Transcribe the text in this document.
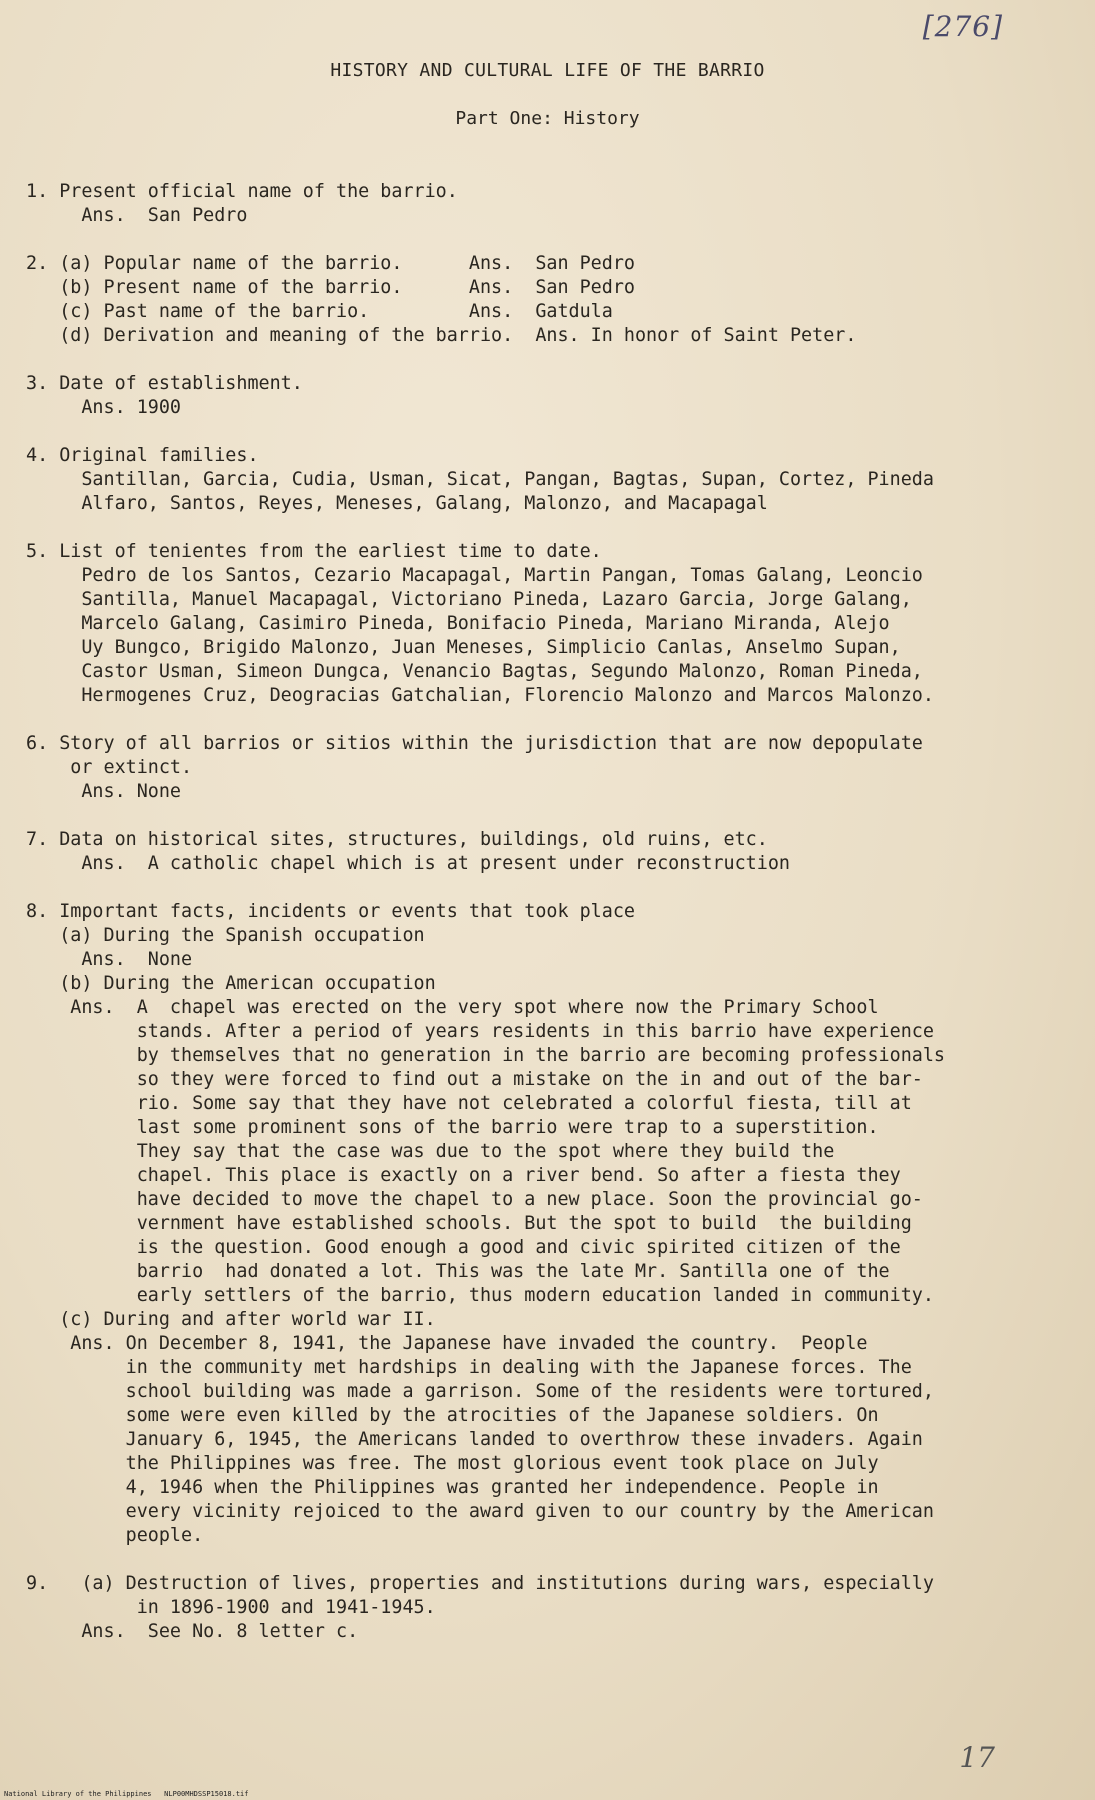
[276]
HISTORY AND CULTURAL LIFE OF THE BARRIO
Part One: History
1. Present official name of the barrio.
Ans.  San Pedro
2. (a) Popular name of the barrio.      Ans.  San Pedro
(b) Present name of the barrio.      Ans.  San Pedro
(c) Past name of the barrio.         Ans.  Gatdula
(d) Derivation and meaning of the barrio.  Ans. In honor of Saint Peter.
3. Date of establishment.
Ans. 1900
4. Original families.
Santillan, Garcia, Cudia, Usman, Sicat, Pangan, Bagtas, Supan, Cortez, Pineda
Alfaro, Santos, Reyes, Meneses, Galang, Malonzo, and Macapagal
5. List of tenientes from the earliest time to date.
Pedro de los Santos, Cezario Macapagal, Martin Pangan, Tomas Galang, Leoncio
Santilla, Manuel Macapagal, Victoriano Pineda, Lazaro Garcia, Jorge Galang,
Marcelo Galang, Casimiro Pineda, Bonifacio Pineda, Mariano Miranda, Alejo
Uy Bungco, Brigido Malonzo, Juan Meneses, Simplicio Canlas, Anselmo Supan,
Castor Usman, Simeon Dungca, Venancio Bagtas, Segundo Malonzo, Roman Pineda,
Hermogenes Cruz, Deogracias Gatchalian, Florencio Malonzo and Marcos Malonzo.
6. Story of all barrios or sitios within the jurisdiction that are now depopulate
or extinct.
Ans. None
7. Data on historical sites, structures, buildings, old ruins, etc.
Ans.  A catholic chapel which is at present under reconstruction
8. Important facts, incidents or events that took place
(a) During the Spanish occupation
Ans.  None
(b) During the American occupation
Ans.  A  chapel was erected on the very spot where now the Primary School
stands. After a period of years residents in this barrio have experience
by themselves that no generation in the barrio are becoming professionals
so they were forced to find out a mistake on the in and out of the bar-
rio. Some say that they have not celebrated a colorful fiesta, till at
last some prominent sons of the barrio were trap to a superstition.
They say that the case was due to the spot where they build the
chapel. This place is exactly on a river bend. So after a fiesta they
have decided to move the chapel to a new place. Soon the provincial go-
vernment have established schools. But the spot to build  the building
is the question. Good enough a good and civic spirited citizen of the
barrio  had donated a lot. This was the late Mr. Santilla one of the
early settlers of the barrio, thus modern education landed in community.
(c) During and after world war II.
Ans. On December 8, 1941, the Japanese have invaded the country.  People
in the community met hardships in dealing with the Japanese forces. The
school building was made a garrison. Some of the residents were tortured,
some were even killed by the atrocities of the Japanese soldiers. On
January 6, 1945, the Americans landed to overthrow these invaders. Again
the Philippines was free. The most glorious event took place on July
4, 1946 when the Philippines was granted her independence. People in
every vicinity rejoiced to the award given to our country by the American
people.
9.   (a) Destruction of lives, properties and institutions during wars, especially
in 1896-1900 and 1941-1945.
Ans.  See No. 8 letter c.
17
National Library of the Philippines NLP00MHDSSP15018.tif
